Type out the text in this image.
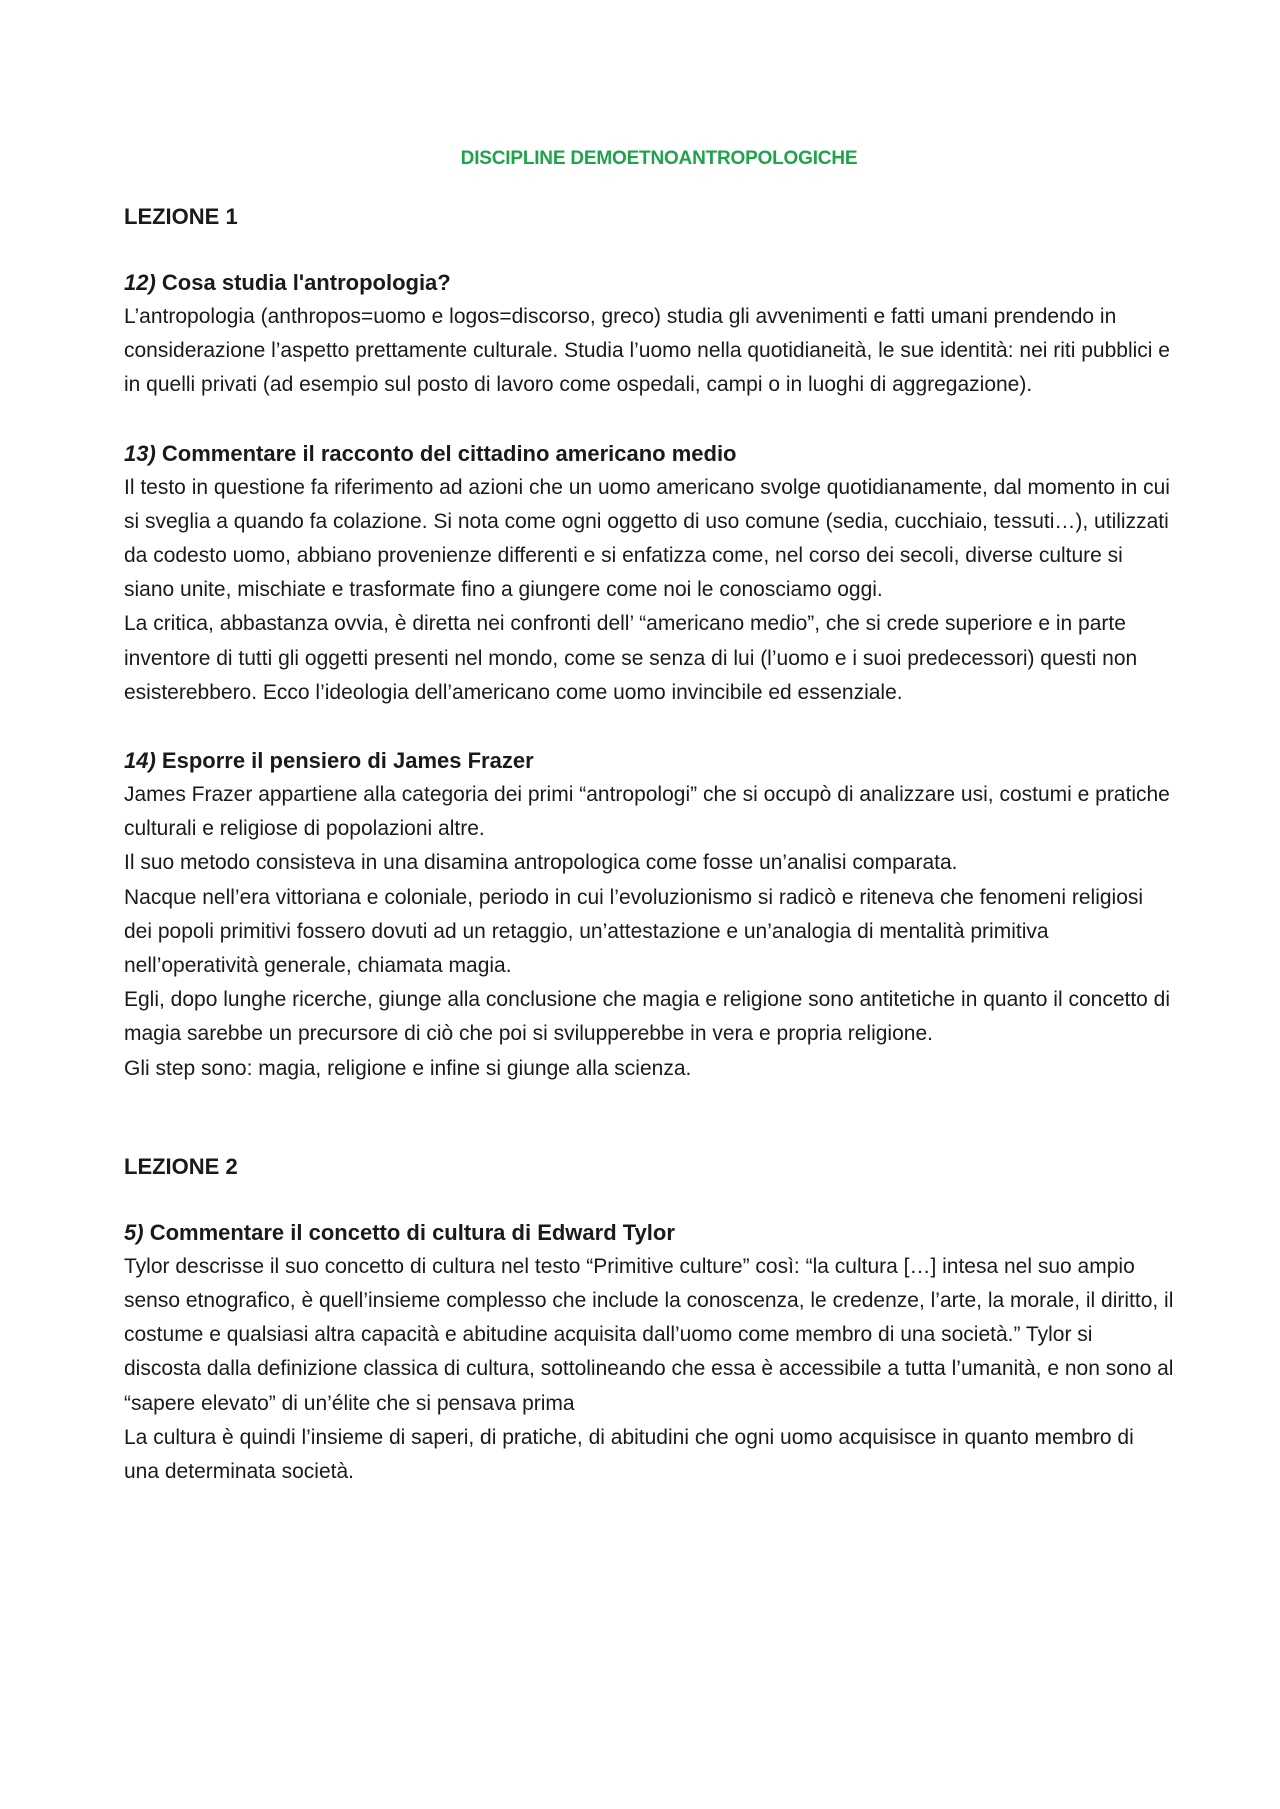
DISCIPLINE DEMOETNOANTROPOLOGICHE
LEZIONE 1

12) Cosa studia l'antropologia?

L’antropologia (anthropos=uomo e logos=discorso, greco) studia gli avvenimenti e fatti umani prendendo in considerazione l’aspetto prettamente culturale. Studia l’uomo nella quotidianeità, le sue identità: nei riti pubblici e in quelli privati (ad esempio sul posto di lavoro come ospedali, campi o in luoghi di aggregazione).

13) Commentare il racconto del cittadino americano medio

Il testo in questione fa riferimento ad azioni che un uomo americano svolge quotidianamente, dal momento in cui si sveglia a quando fa colazione. Si nota come ogni oggetto di uso comune (sedia, cucchiaio, tessuti…), utilizzati da codesto uomo, abbiano provenienze differenti e si enfatizza come, nel corso dei secoli, diverse culture si siano unite, mischiate e trasformate fino a giungere come noi le conosciamo oggi.

La critica, abbastanza ovvia, è diretta nei confronti dell’ “americano medio”, che si crede superiore e in parte inventore di tutti gli oggetti presenti nel mondo, come se senza di lui (l’uomo e i suoi predecessori) questi non esisterebbero. Ecco l’ideologia dell’americano come uomo invincibile ed essenziale.

14) Esporre il pensiero di James Frazer

James Frazer appartiene alla categoria dei primi “antropologi” che si occupò di analizzare usi, costumi e pratiche culturali e religiose di popolazioni altre.

Il suo metodo consisteva in una disamina antropologica come fosse un’analisi comparata.

Nacque nell’era vittoriana e coloniale, periodo in cui l’evoluzionismo si radicò e riteneva che fenomeni religiosi dei popoli primitivi fossero dovuti ad un retaggio, un’attestazione e un’analogia di mentalità primitiva nell’operatività generale, chiamata magia.

Egli, dopo lunghe ricerche, giunge alla conclusione che magia e religione sono antitetiche in quanto il concetto di magia sarebbe un precursore di ciò che poi si svilupperebbe in vera e propria religione.

Gli step sono: magia, religione e infine si giunge alla scienza.

LEZIONE 2

5) Commentare il concetto di cultura di Edward Tylor

Tylor descrisse il suo concetto di cultura nel testo “Primitive culture” così: “la cultura […] intesa nel suo ampio senso etnografico, è quell’insieme complesso che include la conoscenza, le credenze, l’arte, la morale, il diritto, il costume e qualsiasi altra capacità e abitudine acquisita dall’uomo come membro di una società.” Tylor si discosta dalla definizione classica di cultura, sottolineando che essa è accessibile a tutta l’umanità, e non sono al “sapere elevato” di un’élite che si pensava prima

La cultura è quindi l’insieme di saperi, di pratiche, di abitudini che ogni uomo acquisisce in quanto membro di una determinata società.
